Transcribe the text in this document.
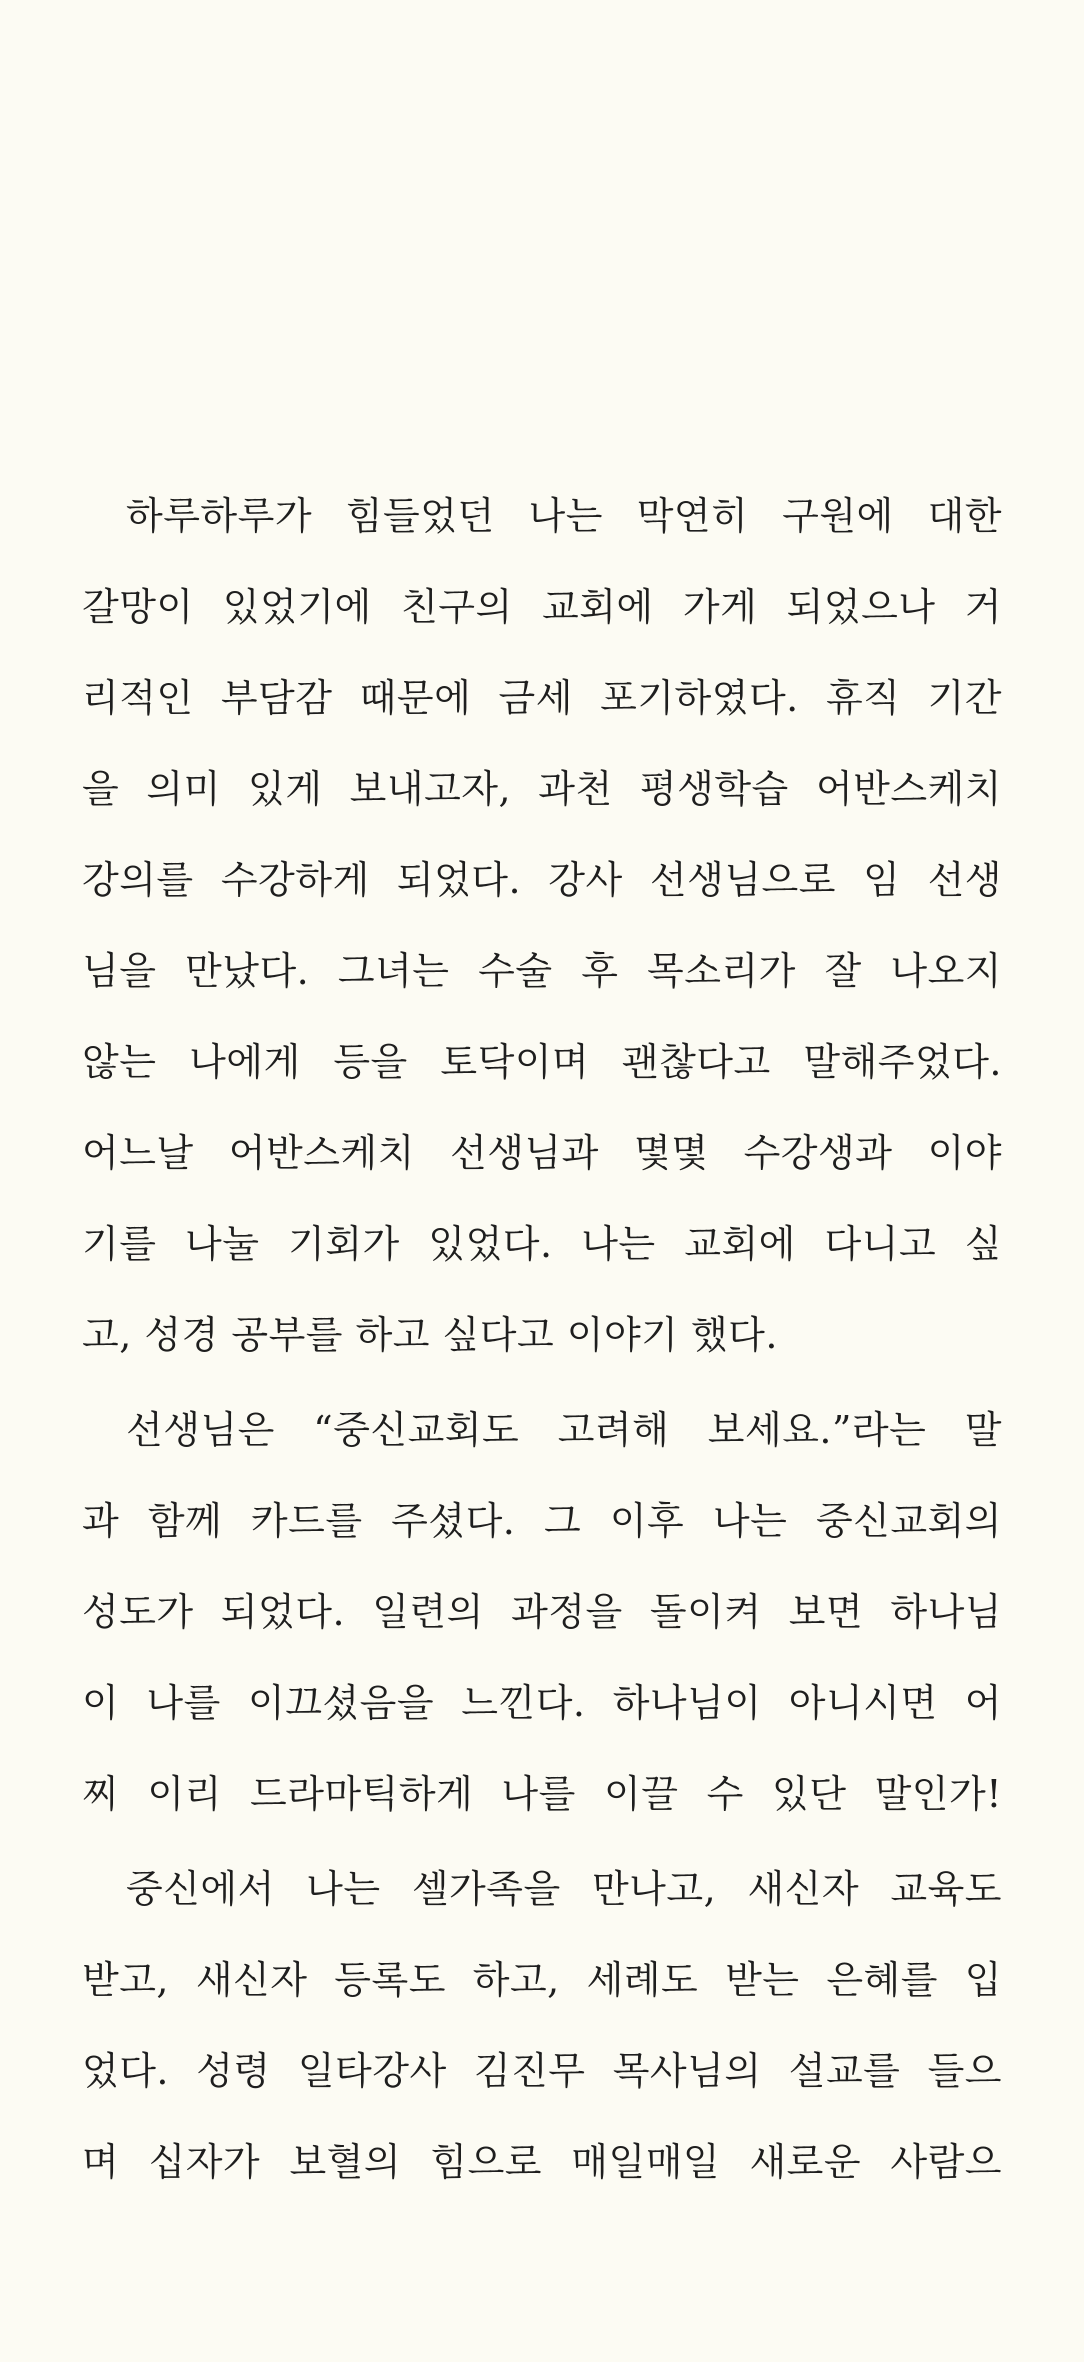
하루하루가 힘들었던 나는 막연히 구원에 대한
갈망이 있었기에 친구의 교회에 가게 되었으나 거
리적인 부담감 때문에 금세 포기하였다. 휴직 기간
을 의미 있게 보내고자, 과천 평생학습 어반스케치
강의를 수강하게 되었다. 강사 선생님으로 임 선생
님을 만났다. 그녀는 수술 후 목소리가 잘 나오지
않는 나에게 등을 토닥이며 괜찮다고 말해주었다.
어느날 어반스케치 선생님과 몇몇 수강생과 이야
기를 나눌 기회가 있었다. 나는 교회에 다니고 싶
고, 성경 공부를 하고 싶다고 이야기 했다.
선생님은 “중신교회도 고려해 보세요.”라는 말
과 함께 카드를 주셨다. 그 이후 나는 중신교회의
성도가 되었다. 일련의 과정을 돌이켜 보면 하나님
이 나를 이끄셨음을 느낀다. 하나님이 아니시면 어
찌 이리 드라마틱하게 나를 이끌 수 있단 말인가!
중신에서 나는 셀가족을 만나고, 새신자 교육도
받고, 새신자 등록도 하고, 세례도 받는 은혜를 입
었다. 성령 일타강사 김진무 목사님의 설교를 들으
며 십자가 보혈의 힘으로 매일매일 새로운 사람으
